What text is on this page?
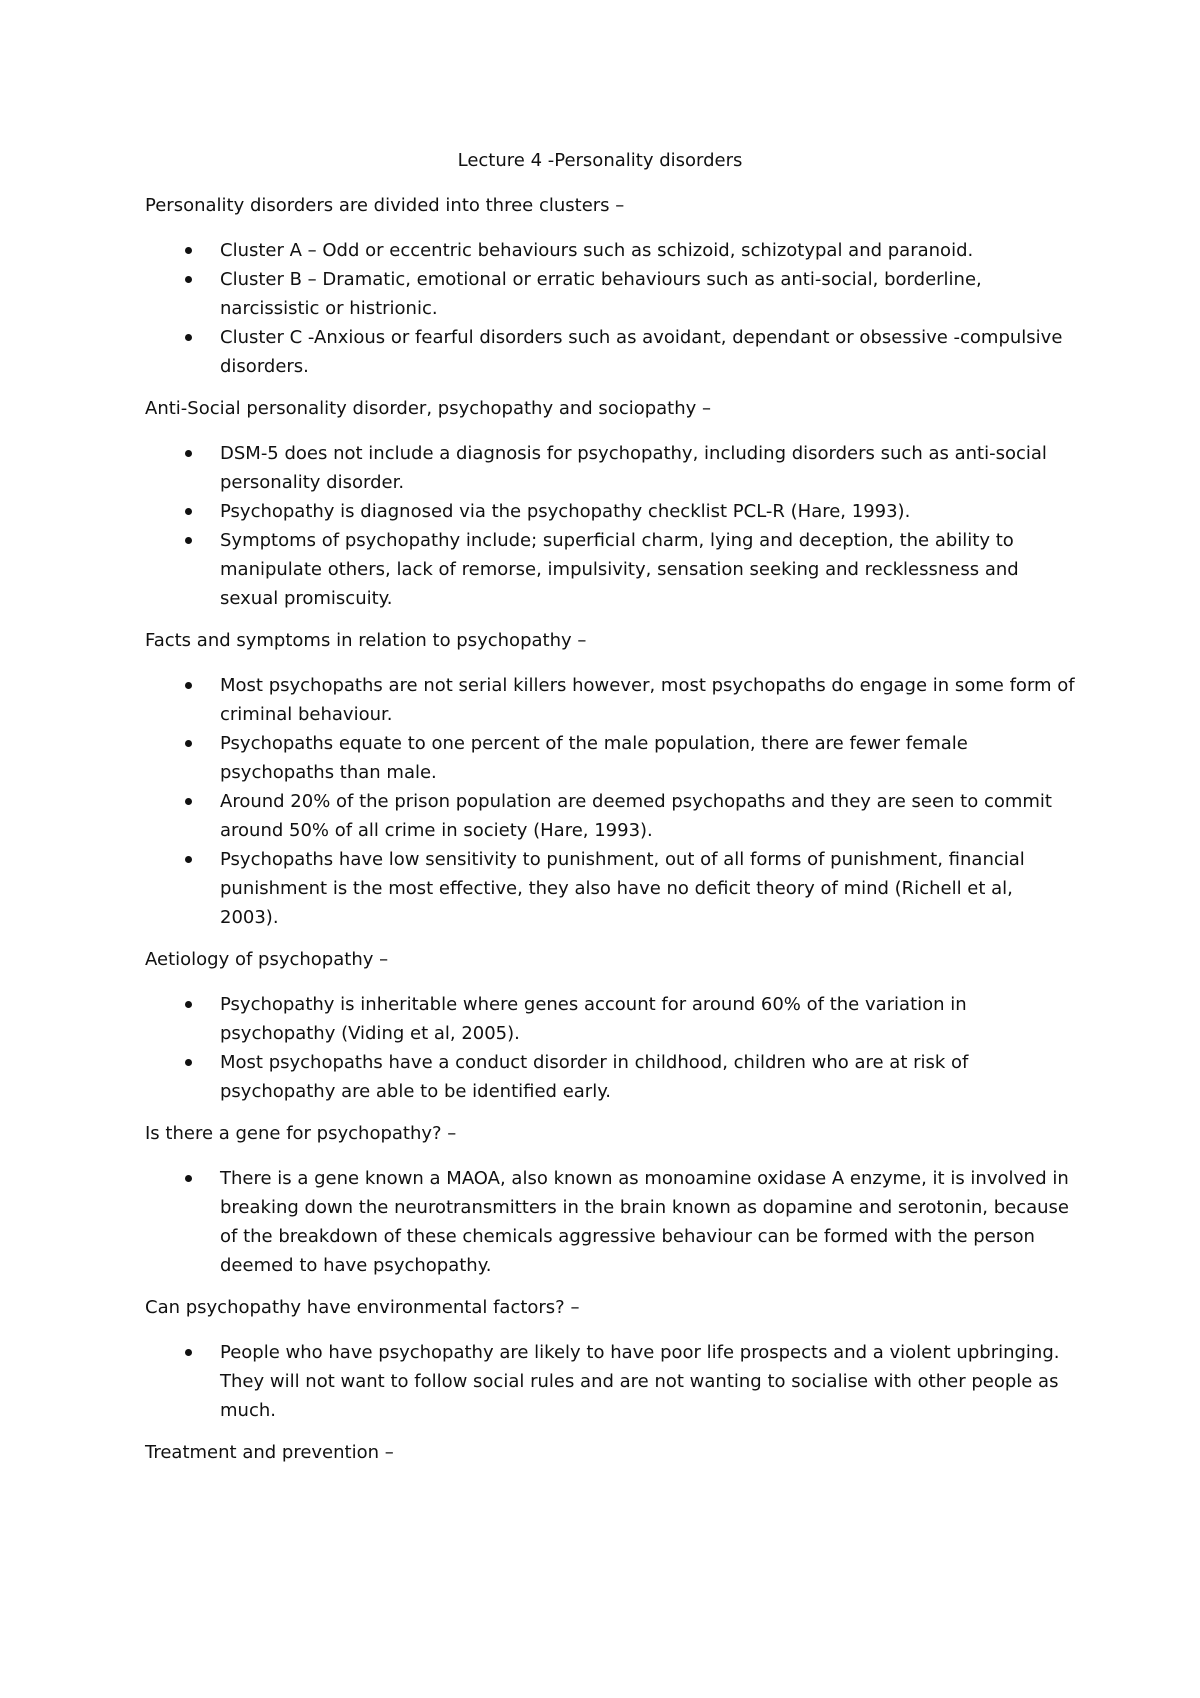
Lecture 4 -Personality disorders

Personality disorders are divided into three clusters –

Cluster A – Odd or eccentric behaviours such as schizoid, schizotypal and paranoid.
Cluster B – Dramatic, emotional or erratic behaviours such as anti-social, borderline, narcissistic or histrionic.
Cluster C -Anxious or fearful disorders such as avoidant, dependant or obsessive -compulsive disorders.

Anti-Social personality disorder, psychopathy and sociopathy –

DSM-5 does not include a diagnosis for psychopathy, including disorders such as anti-social personality disorder.
Psychopathy is diagnosed via the psychopathy checklist PCL-R (Hare, 1993).
Symptoms of psychopathy include; superficial charm, lying and deception, the ability to manipulate others, lack of remorse, impulsivity, sensation seeking and recklessness and sexual promiscuity.

Facts and symptoms in relation to psychopathy –

Most psychopaths are not serial killers however, most psychopaths do engage in some form of criminal behaviour.
Psychopaths equate to one percent of the male population, there are fewer female psychopaths than male.
Around 20% of the prison population are deemed psychopaths and they are seen to commit around 50% of all crime in society (Hare, 1993).
Psychopaths have low sensitivity to punishment, out of all forms of punishment, financial punishment is the most effective, they also have no deficit theory of mind (Richell et al, 2003).

Aetiology of psychopathy –

Psychopathy is inheritable where genes account for around 60% of the variation in psychopathy (Viding et al, 2005).
Most psychopaths have a conduct disorder in childhood, children who are at risk of psychopathy are able to be identified early.

Is there a gene for psychopathy? –

There is a gene known a MAOA, also known as monoamine oxidase A enzyme, it is involved in breaking down the neurotransmitters in the brain known as dopamine and serotonin, because of the breakdown of these chemicals aggressive behaviour can be formed with the person deemed to have psychopathy.

Can psychopathy have environmental factors? –

People who have psychopathy are likely to have poor life prospects and a violent upbringing. They will not want to follow social rules and are not wanting to socialise with other people as much.

Treatment and prevention –
